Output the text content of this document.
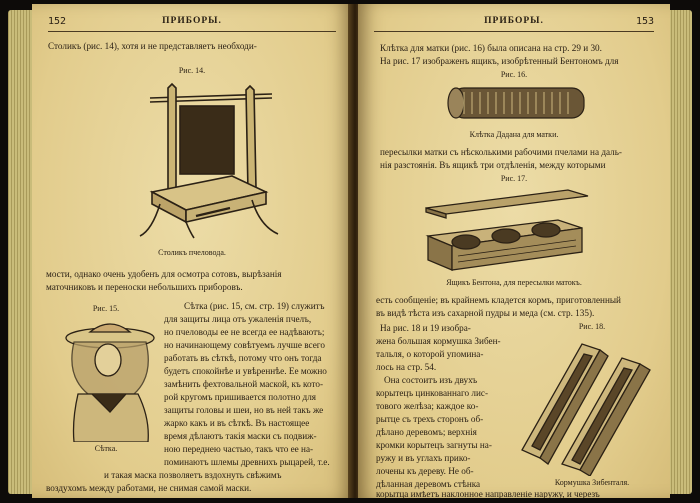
152	ПРИБОРЫ.
Столикъ (рис. 14), хотя и не представляетъ необходи-
Рис. 14.
Столикъ пчеловода.
мости, однако очень удобенъ для осмотра сотовъ, вырѣзанія
маточниковъ и переноски небольшихъ приборовъ.
Рис. 15.
Сѣтка.
Сѣтка (рис. 15, см. стр. 19) служитъ
для защиты лица отъ ужаленія пчелъ,
но пчеловоды ее не всегда ее надѣваютъ;
но начинающему совѣтуемъ лучше всего
работать въ сѣткѣ, потому что онъ тогда
будетъ спокойнѣе и увѣреннѣе. Ее можно
замѣнить фехтовальной маской, къ кото-
рой кругомъ пришивается полотно для
защиты головы и шеи, но въ ней такъ же
жарко какъ и въ сѣткѣ. Въ настоящее
время дѣлаютъ такія маски съ подвиж-
ною переднею частью, такъ что ее на-
поминаютъ шлемы древнихъ рыцарей, т.е.
и такая маска позволяетъ вздохнуть свѣжимъ
воздухомъ между работами, не снимая самой маски.
153
ПРИБОРЫ.
Клѣтка для матки (рис. 16) была описана на стр. 29 и 30.
На рис. 17 изображенъ ящикъ, изобрѣтенный Бентономъ для
Рис. 16.
Клѣтка Дадана для матки.
пересылки матки съ нѣсколькими рабочими пчелами на даль-
нія разстоянія. Въ ящикѣ три отдѣленія, между которыми
Рис. 17.
Ящикъ Бентона, для пересылки матокъ.
есть сообщеніе; въ крайнемъ кладется кормъ, приготовленный
въ видѣ тѣста изъ сахарной пудры и меда (см. стр. 135).
На рис. 18 и 19 изобра-
жена большая кормушка Зибен-
тальля, о которой упомина-
лось на стр. 54.
Она состоитъ изъ двухъ
корытецъ цинкованнаго лис-
тового желѣза; каждое ко-
рытце съ трехъ сторонъ об-
дѣлано деревомъ; верхнія
кромки корытецъ загнуты на-
ружу и въ углахъ прико-
лочены къ дереву. Не об-
дѣланная деревомъ стѣнка
корытца имѣетъ наклонное направленіе наружу, и черезъ
Рис. 18.
Кормушка Зибенталя.
